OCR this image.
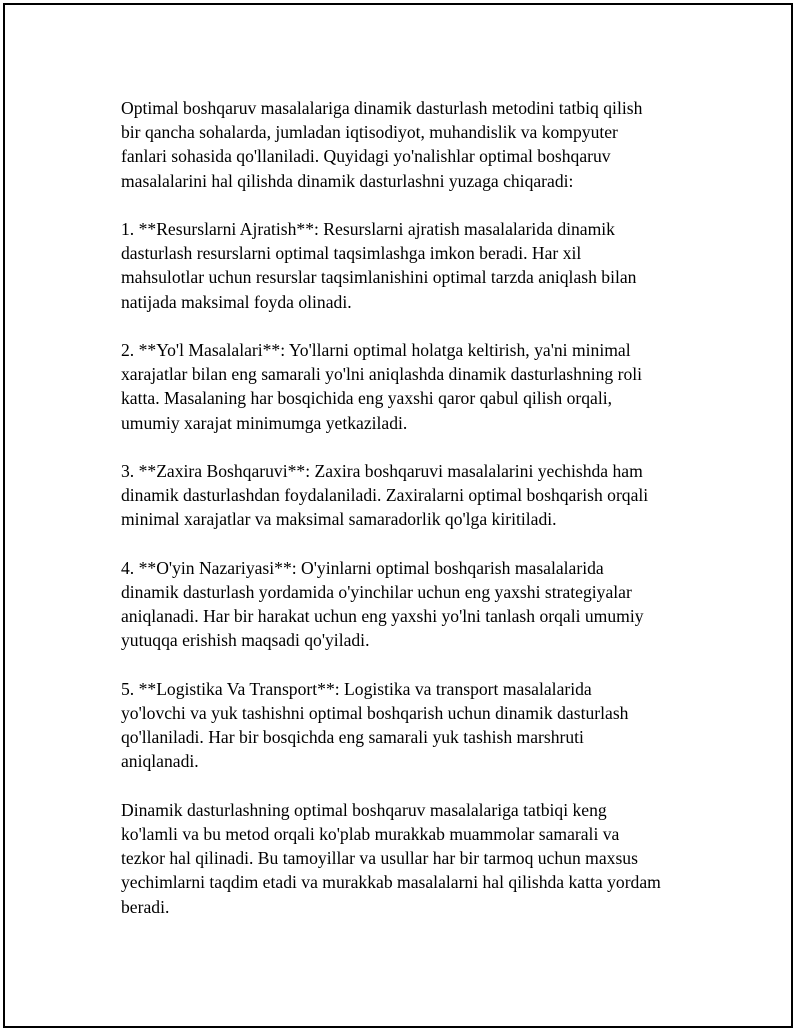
Optimal boshqaruv masalalariga dinamik dasturlash metodini tatbiq qilish
bir qancha sohalarda, jumladan iqtisodiyot, muhandislik va kompyuter
fanlari sohasida qo'llaniladi. Quyidagi yo'nalishlar optimal boshqaruv
masalalarini hal qilishda dinamik dasturlashni yuzaga chiqaradi:

1. **Resurslarni Ajratish**: Resurslarni ajratish masalalarida dinamik
dasturlash resurslarni optimal taqsimlashga imkon beradi. Har xil
mahsulotlar uchun resurslar taqsimlanishini optimal tarzda aniqlash bilan
natijada maksimal foyda olinadi.

2. **Yo'l Masalalari**: Yo'llarni optimal holatga keltirish, ya'ni minimal
xarajatlar bilan eng samarali yo'lni aniqlashda dinamik dasturlashning roli
katta. Masalaning har bosqichida eng yaxshi qaror qabul qilish orqali,
umumiy xarajat minimumga yetkaziladi.

3. **Zaxira Boshqaruvi**: Zaxira boshqaruvi masalalarini yechishda ham
dinamik dasturlashdan foydalaniladi. Zaxiralarni optimal boshqarish orqali
minimal xarajatlar va maksimal samaradorlik qo'lga kiritiladi.

4. **O'yin Nazariyasi**: O'yinlarni optimal boshqarish masalalarida
dinamik dasturlash yordamida o'yinchilar uchun eng yaxshi strategiyalar
aniqlanadi. Har bir harakat uchun eng yaxshi yo'lni tanlash orqali umumiy
yutuqqa erishish maqsadi qo'yiladi.

5. **Logistika Va Transport**: Logistika va transport masalalarida
yo'lovchi va yuk tashishni optimal boshqarish uchun dinamik dasturlash
qo'llaniladi. Har bir bosqichda eng samarali yuk tashish marshruti
aniqlanadi.

Dinamik dasturlashning optimal boshqaruv masalalariga tatbiqi keng
ko'lamli va bu metod orqali ko'plab murakkab muammolar samarali va
tezkor hal qilinadi. Bu tamoyillar va usullar har bir tarmoq uchun maxsus
yechimlarni taqdim etadi va murakkab masalalarni hal qilishda katta yordam
beradi.
